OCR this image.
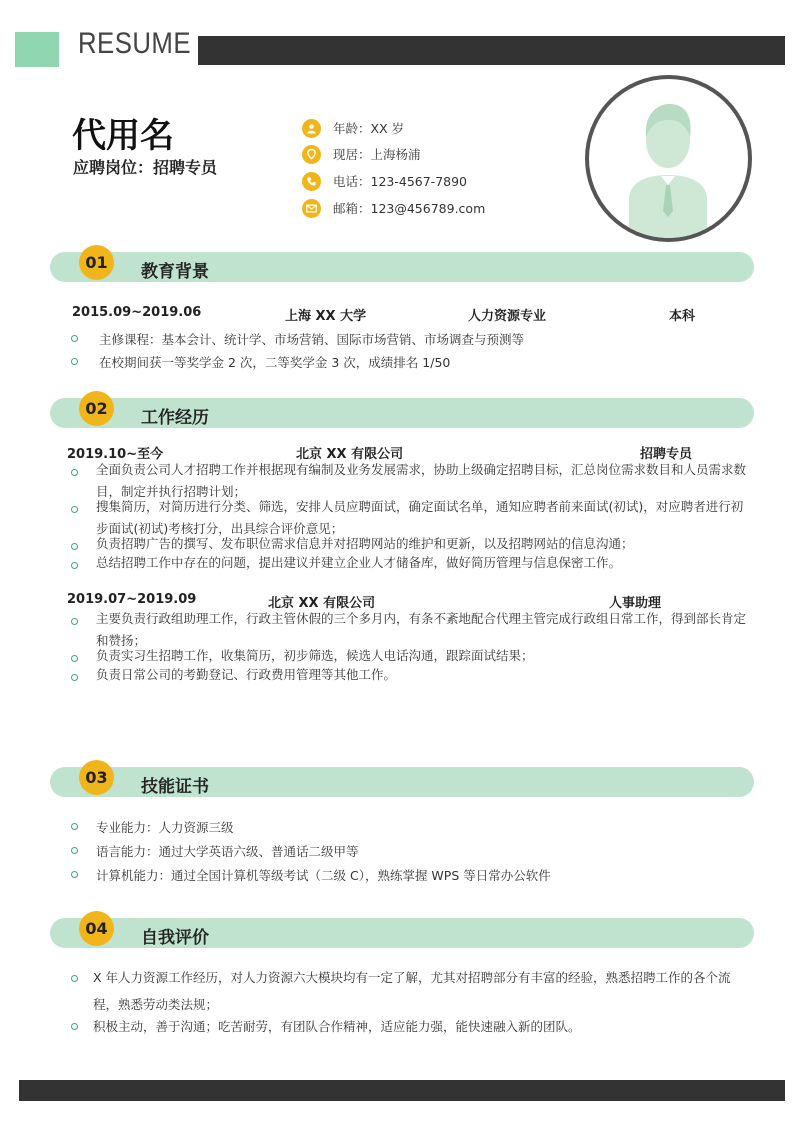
RESUME
代用名
应聘岗位：招聘专员
年龄：XX 岁
现居：上海杨浦
电话：123-4567-7890
邮箱：123@456789.com
01	教育背景
2015.09~2019.06	上海 XX 大学	人力资源专业	本科
主修课程：基本会计、统计学、市场营销、国际市场营销、市场调查与预测等
在校期间获一等奖学金 2 次，二等奖学金 3 次，成绩排名 1/50
02	工作经历
2019.10~至今	北京 XX 有限公司	招聘专员
全面负责公司人才招聘工作并根据现有编制及业务发展需求，协助上级确定招聘目标，汇总岗位需求数目和人员需求数目，制定并执行招聘计划；
搜集简历，对简历进行分类、筛选，安排人员应聘面试，确定面试名单，通知应聘者前来面试(初试)，对应聘者进行初步面试(初试)考核打分，出具综合评价意见；
负责招聘广告的撰写、发布职位需求信息并对招聘网站的维护和更新，以及招聘网站的信息沟通；
总结招聘工作中存在的问题，提出建议并建立企业人才储备库，做好简历管理与信息保密工作。
2019.07~2019.09	北京 XX 有限公司	人事助理
主要负责行政组助理工作，行政主管休假的三个多月内，有条不紊地配合代理主管完成行政组日常工作，得到部长肯定和赞扬；
负责实习生招聘工作，收集简历，初步筛选，候选人电话沟通，跟踪面试结果；
负责日常公司的考勤登记、行政费用管理等其他工作。
03	技能证书
专业能力：人力资源三级
语言能力：通过大学英语六级、普通话二级甲等
计算机能力：通过全国计算机等级考试（二级 C），熟练掌握 WPS 等日常办公软件
04	自我评价
X 年人力资源工作经历，对人力资源六大模块均有一定了解，尤其对招聘部分有丰富的经验，熟悉招聘工作的各个流程，熟悉劳动类法规；
积极主动，善于沟通；吃苦耐劳，有团队合作精神，适应能力强，能快速融入新的团队。
